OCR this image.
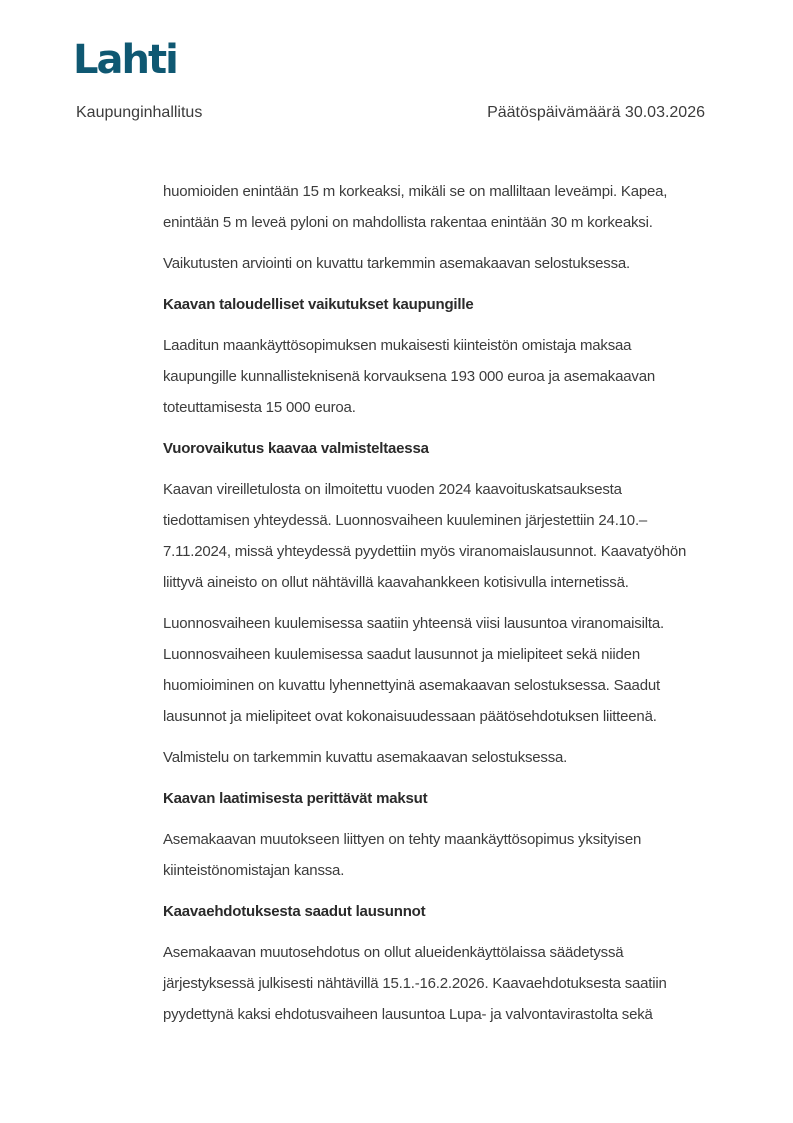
Lahti
Kaupunginhallitus	Päätöspäivämäärä 30.03.2026
huomioiden enintään 15 m korkeaksi, mikäli se on malliltaan leveämpi. Kapea,
enintään 5 m leveä pyloni on mahdollista rakentaa enintään 30 m korkeaksi.
Vaikutusten arviointi on kuvattu tarkemmin asemakaavan selostuksessa.
Kaavan taloudelliset vaikutukset kaupungille
Laaditun maankäyttösopimuksen mukaisesti kiinteistön omistaja maksaa
kaupungille kunnallisteknisenä korvauksena 193 000 euroa ja asemakaavan
toteuttamisesta 15 000 euroa.
Vuorovaikutus kaavaa valmisteltaessa
Kaavan vireilletulosta on ilmoitettu vuoden 2024 kaavoituskatsauksesta
tiedottamisen yhteydessä. Luonnosvaiheen kuuleminen järjestettiin 24.10.–
7.11.2024, missä yhteydessä pyydettiin myös viranomaislausunnot. Kaavatyöhön
liittyvä aineisto on ollut nähtävillä kaavahankkeen kotisivulla internetissä.
Luonnosvaiheen kuulemisessa saatiin yhteensä viisi lausuntoa viranomaisilta.
Luonnosvaiheen kuulemisessa saadut lausunnot ja mielipiteet sekä niiden
huomioiminen on kuvattu lyhennettyinä asemakaavan selostuksessa. Saadut
lausunnot ja mielipiteet ovat kokonaisuudessaan päätösehdotuksen liitteenä.
Valmistelu on tarkemmin kuvattu asemakaavan selostuksessa.
Kaavan laatimisesta perittävät maksut
Asemakaavan muutokseen liittyen on tehty maankäyttösopimus yksityisen
kiinteistönomistajan kanssa.
Kaavaehdotuksesta saadut lausunnot
Asemakaavan muutosehdotus on ollut alueidenkäyttölaissa säädetyssä
järjestyksessä julkisesti nähtävillä 15.1.-16.2.2026. Kaavaehdotuksesta saatiin
pyydettynä kaksi ehdotusvaiheen lausuntoa Lupa- ja valvontavirastolta sekä
